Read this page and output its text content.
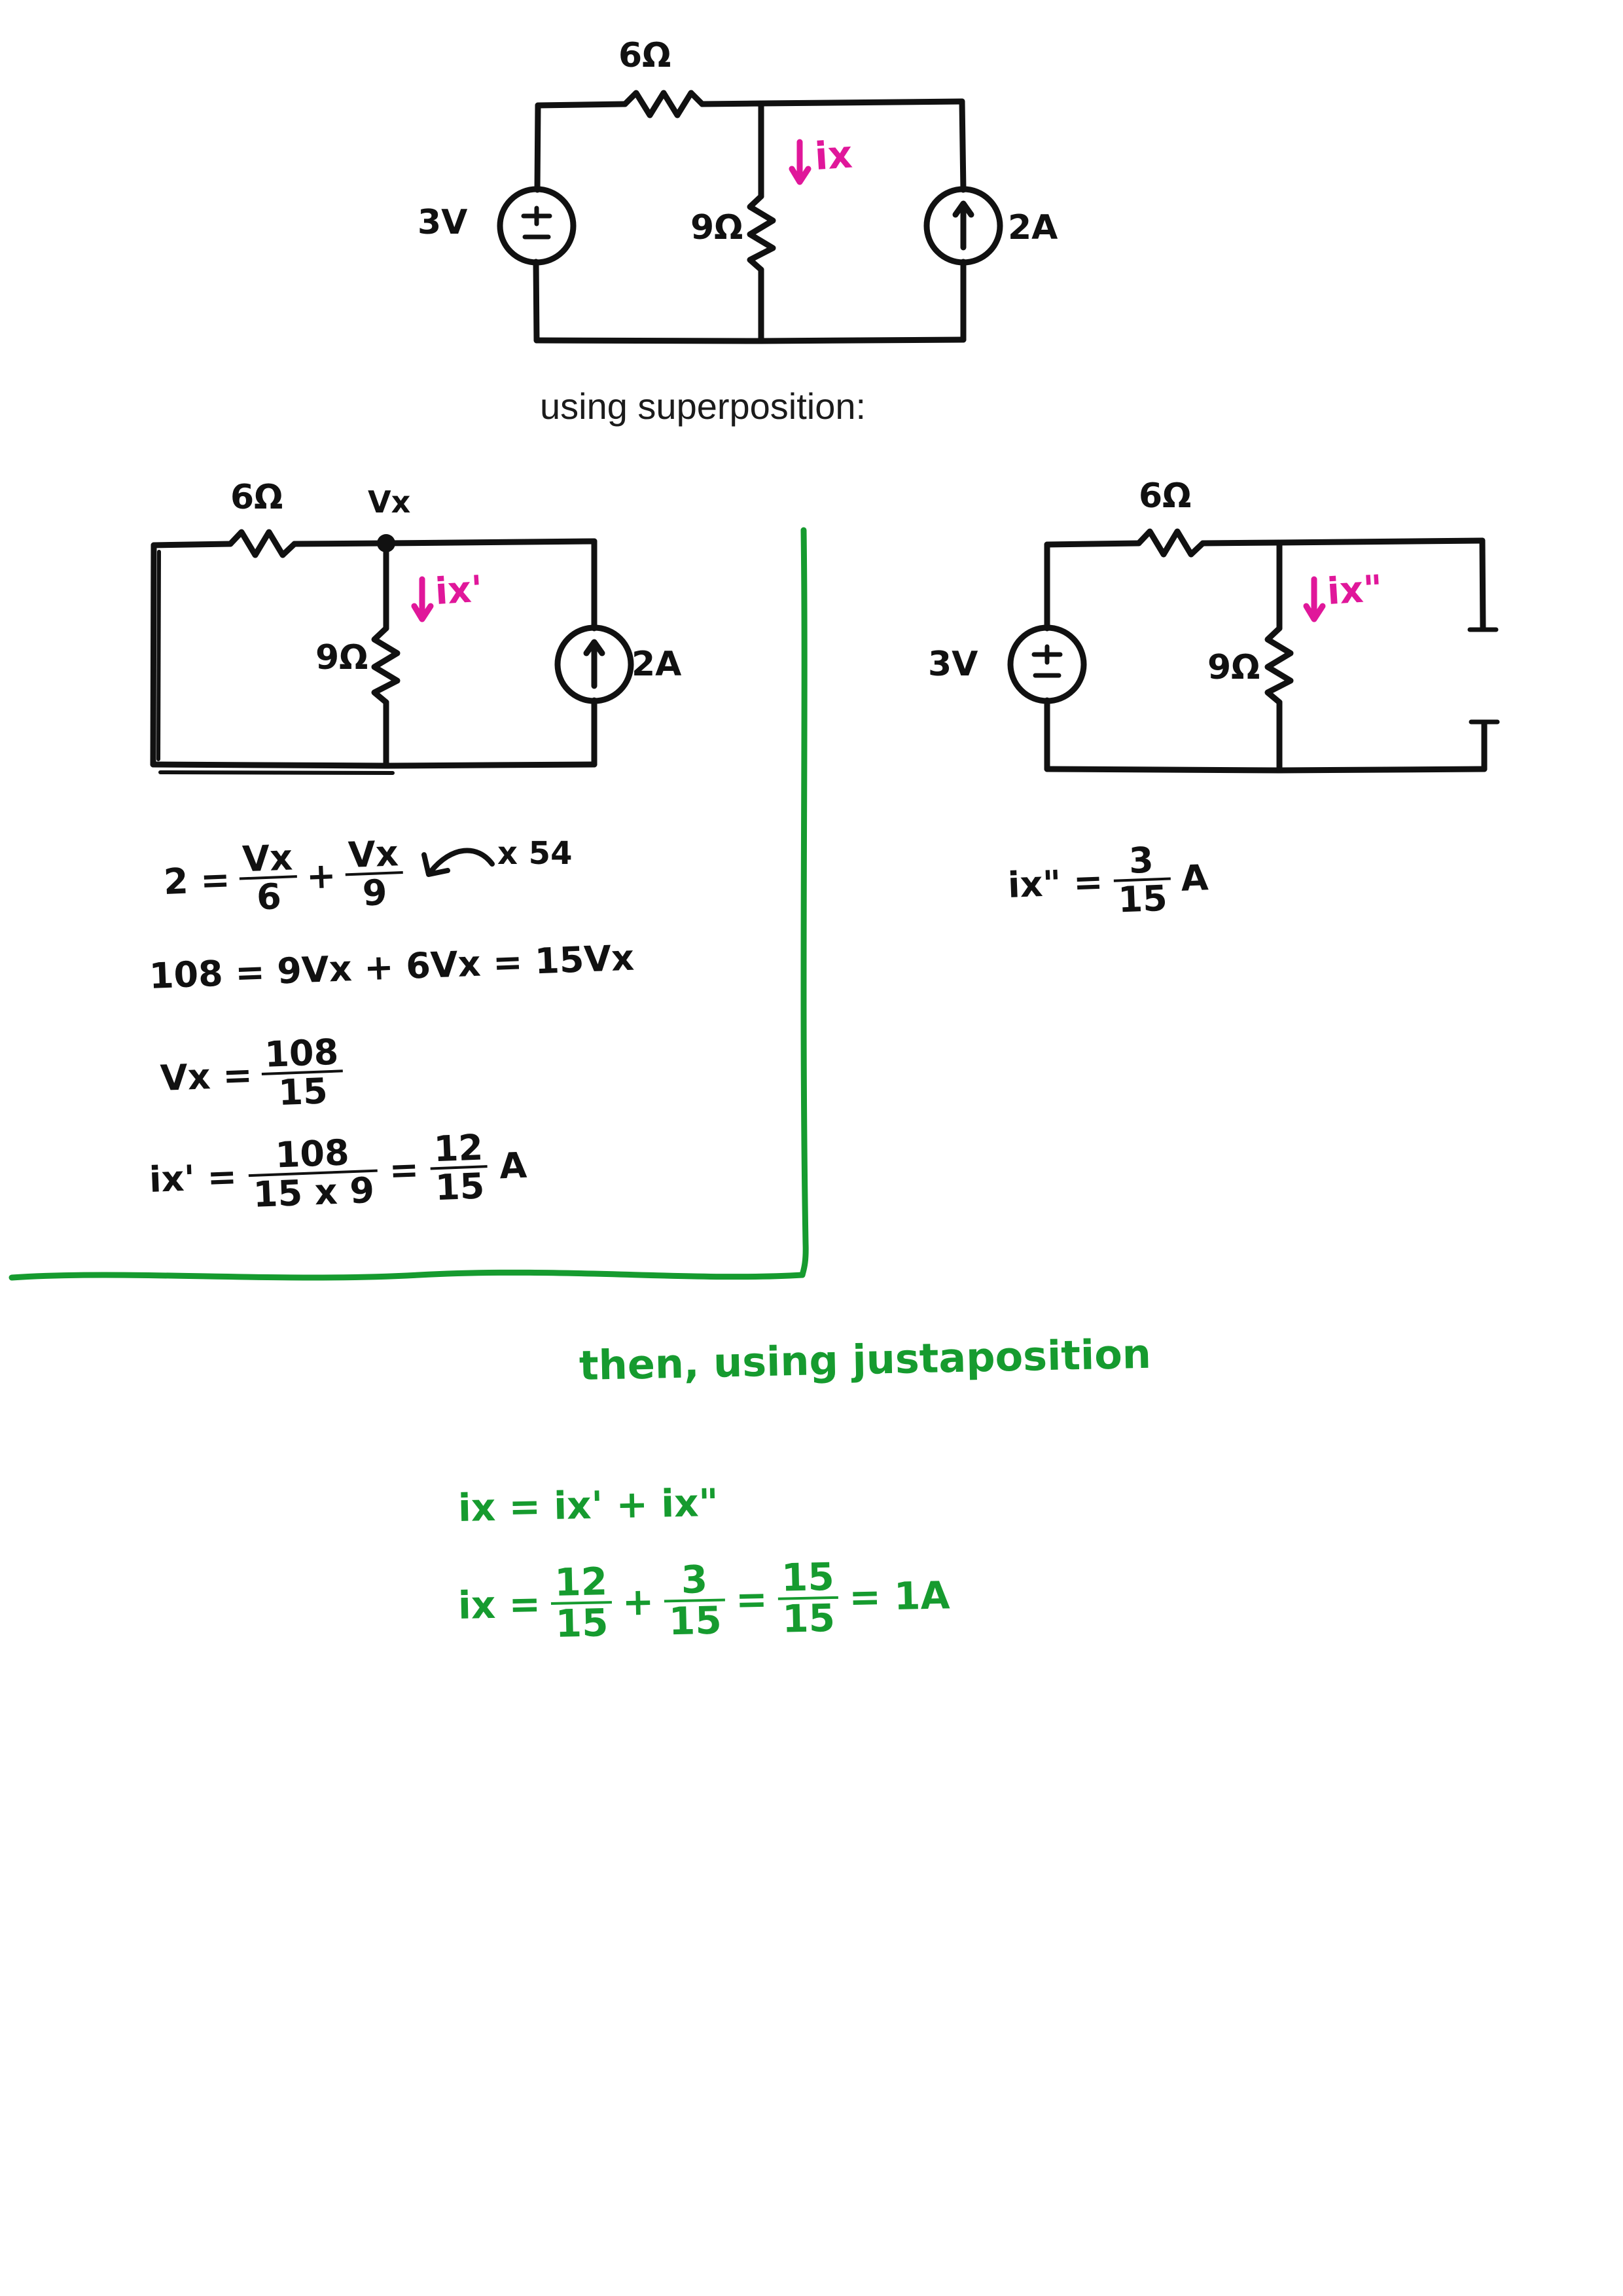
6Ω
3V	9Ω	2A
ix
using superposition:
6Ω	Vx
9Ω	2A
ix'
6Ω
3V	9Ω
ix"
$2 = \frac{Vx}{6} + \frac{Vx}{9}$	x 54
108 = 9Vx + 6Vx = 15Vx
$Vx = \frac{108}{15}$
$ix' = \frac{108}{15 x 9} = \frac{12}{15}$ A
ix" = $\frac{3}{15}$ A
then, using justaposition
ix = ix' + ix"
ix = $\frac{12}{15} + \frac{3}{15} = \frac{15}{15} = 1A$
